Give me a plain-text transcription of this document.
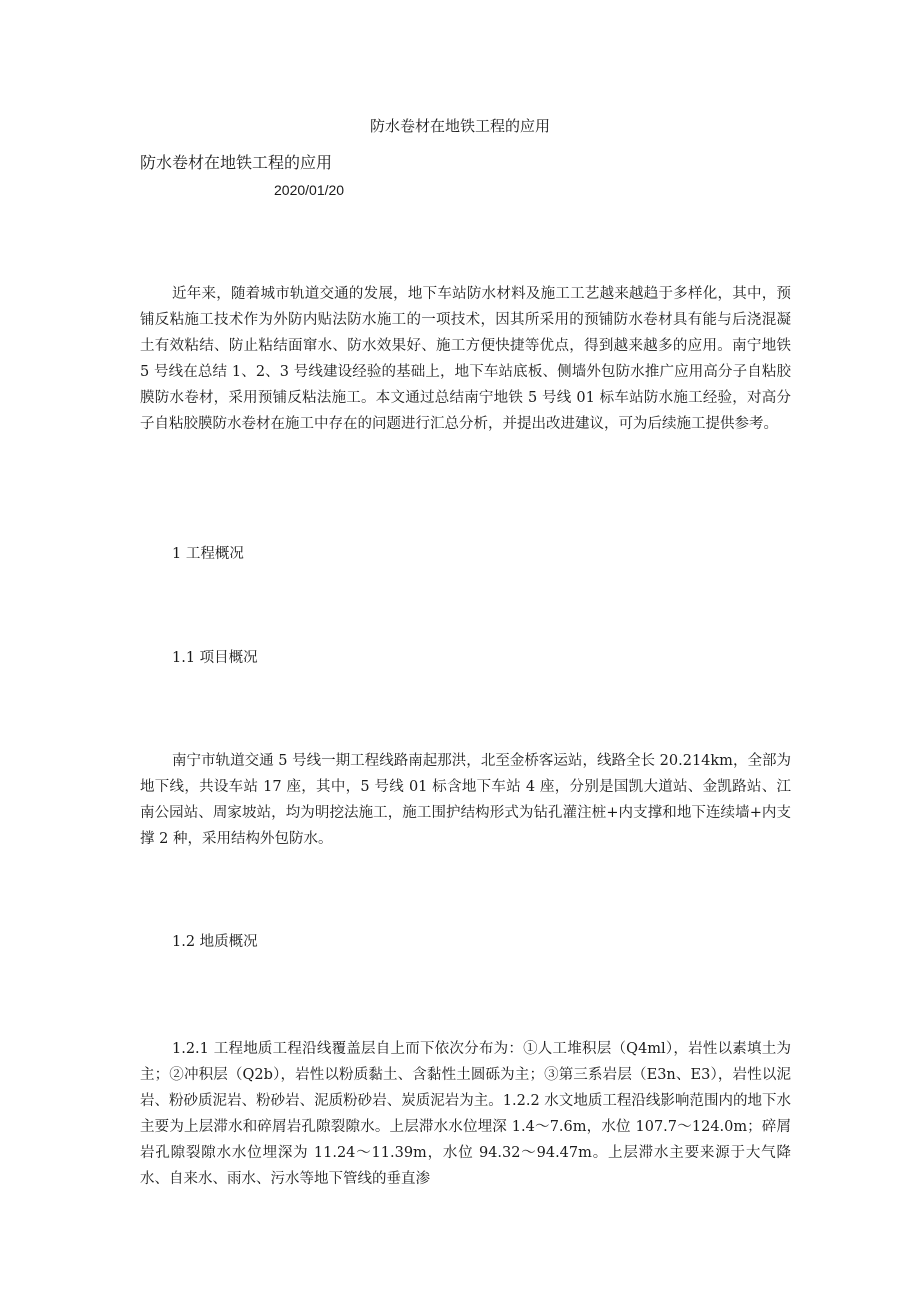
防水卷材在地铁工程的应用
防水卷材在地铁工程的应用
2020/01/20

近年来，随着城市轨道交通的发展，地下车站防水材料及施工工艺越来越趋于多样化，其中，预铺反粘施工技术作为外防内贴法防水施工的一项技术，因其所采用的预铺防水卷材具有能与后浇混凝土有效粘结、防止粘结面窜水、防水效果好、施工方便快捷等优点，得到越来越多的应用。南宁地铁 5 号线在总结 1、2、3 号线建设经验的基础上，地下车站底板、侧墙外包防水推广应用高分子自粘胶膜防水卷材，采用预铺反粘法施工。本文通过总结南宁地铁 5 号线 01 标车站防水施工经验，对高分子自粘胶膜防水卷材在施工中存在的问题进行汇总分析，并提出改进建议，可为后续施工提供参考。

1 工程概况
1.1 项目概况

南宁市轨道交通 5 号线一期工程线路南起那洪，北至金桥客运站，线路全长 20.214km，全部为地下线，共设车站 17 座，其中，5 号线 01 标含地下车站 4 座，分别是国凯大道站、金凯路站、江南公园站、周家坡站，均为明挖法施工，施工围护结构形式为钻孔灌注桩+内支撑和地下连续墙+内支撑 2 种，采用结构外包防水。

1.2 地质概况

1.2.1 工程地质工程沿线覆盖层自上而下依次分布为：①人工堆积层（Q4ml），岩性以素填土为主；②冲积层（Q2b），岩性以粉质黏土、含黏性土圆砾为主；③第三系岩层（E3n、E3），岩性以泥岩、粉砂质泥岩、粉砂岩、泥质粉砂岩、炭质泥岩为主。1.2.2 水文地质工程沿线影响范围内的地下水主要为上层滞水和碎屑岩孔隙裂隙水。上层滞水水位埋深 1.4～7.6m，水位 107.7～124.0m；碎屑岩孔隙裂隙水水位埋深为 11.24～11.39m，水位 94.32～94.47m。上层滞水主要来源于大气降水、自来水、雨水、污水等地下管线的垂直渗
